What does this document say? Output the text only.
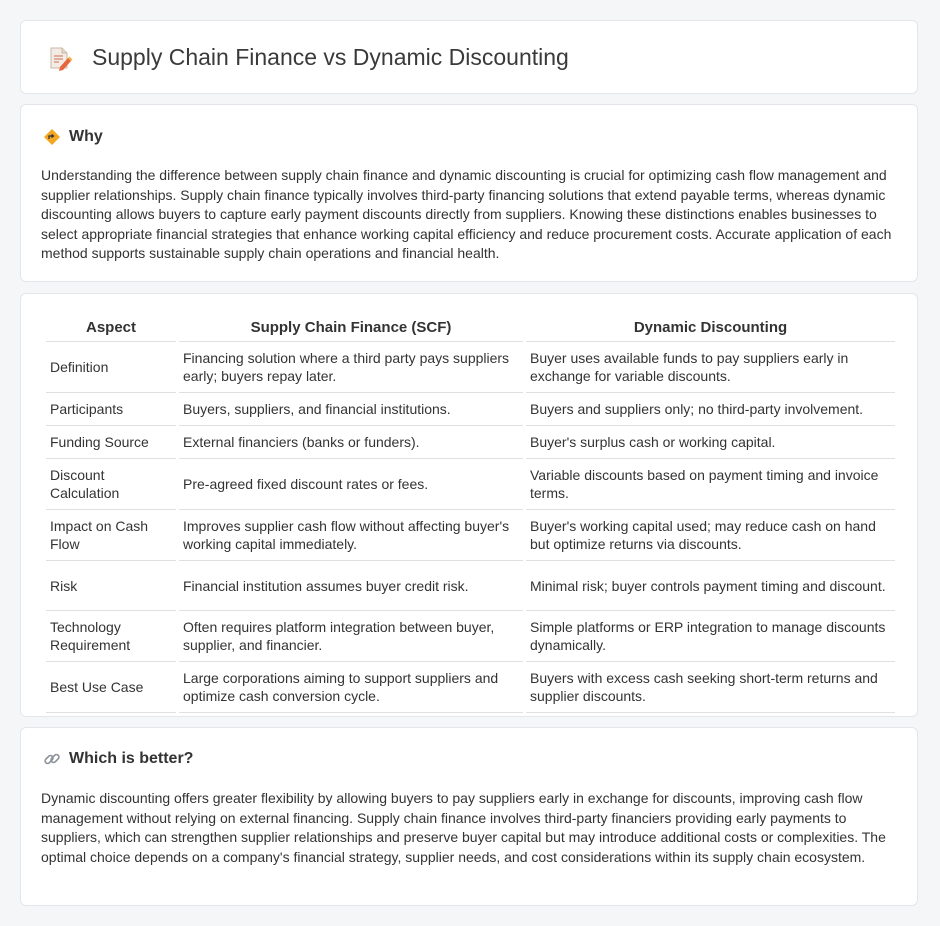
Supply Chain Finance vs Dynamic Discounting
Why

Understanding the difference between supply chain finance and dynamic discounting is crucial for optimizing cash flow management and supplier relationships. Supply chain finance typically involves third-party financing solutions that extend payable terms, whereas dynamic discounting allows buyers to capture early payment discounts directly from suppliers. Knowing these distinctions enables businesses to select appropriate financial strategies that enhance working capital efficiency and reduce procurement costs. Accurate application of each method supports sustainable supply chain operations and financial health.

Aspect	Supply Chain Finance (SCF)	Dynamic Discounting
Definition	Financing solution where a third party pays suppliers early; buyers repay later.	Buyer uses available funds to pay suppliers early in exchange for variable discounts.
Participants	Buyers, suppliers, and financial institutions.	Buyers and suppliers only; no third-party involvement.
Funding Source	External financiers (banks or funders).	Buyer's surplus cash or working capital.
Discount Calculation	Pre-agreed fixed discount rates or fees.	Variable discounts based on payment timing and invoice terms.
Impact on Cash Flow	Improves supplier cash flow without affecting buyer's working capital immediately.	Buyer's working capital used; may reduce cash on hand but optimize returns via discounts.
Risk	Financial institution assumes buyer credit risk.	Minimal risk; buyer controls payment timing and discount.
Technology Requirement	Often requires platform integration between buyer, supplier, and financier.	Simple platforms or ERP integration to manage discounts dynamically.
Best Use Case	Large corporations aiming to support suppliers and optimize cash conversion cycle.	Buyers with excess cash seeking short-term returns and supplier discounts.
Which is better?

Dynamic discounting offers greater flexibility by allowing buyers to pay suppliers early in exchange for discounts, improving cash flow management without relying on external financing. Supply chain finance involves third-party financiers providing early payments to suppliers, which can strengthen supplier relationships and preserve buyer capital but may introduce additional costs or complexities. The optimal choice depends on a company's financial strategy, supplier needs, and cost considerations within its supply chain ecosystem.
